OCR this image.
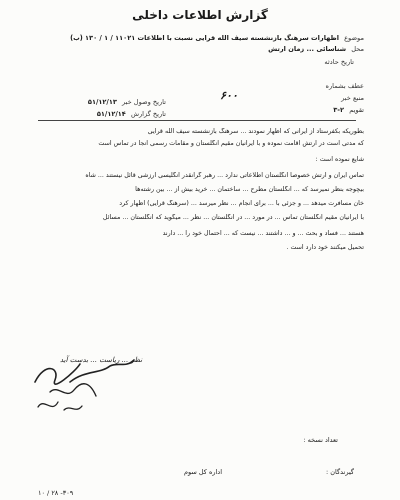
گزارش اطلاعات داخلی
موضوع اظهارات سرهنگ بازنشسته سیف الله قرایی نسبت با اطلاعات ۱۱۰۲۱ / ۱ / ۱۳۰ (ب)
محل شناسائی ... زمان ارتش
تاریخ حادثه
عطف بشماره
منبع خبر
۶۰۰
تاریخ وصول خبر ۵۱/۱۲/۱۳
تقویم ۲-۳
تاریخ گزارش ۵۱/۱۲/۱۴
بطوریکه بکفرستاد از ایرانی که اظهار نمودند ... سرهنگ بازنشسته سیف الله قرایی
که مدتی است در ارتش اقامت نموده و با ایرانیان مقیم انگلستان و مقامات رسمی آنجا در تماس است
شایع نموده است :
تماس ایران و ارتش خصوصاً انگلستان اطلاعاتی ندارد ... رهبر گرانقدر انگلیسی ارزشی قائل نیستند ... شاه
بیچوجه بنظر نمیرسد که ... انگلستان مطرح ... ساختمان ... خرید بیش از ... بین رشته‌ها
خان مسافرت میدهد ... و جزئی با ... برای انجام ... نظر میرسد ... (سرهنگ قرایی) اظهار کرد
با ایرانیان مقیم انگلستان تماس ... در مورد ... در انگلستان ... نظر ... میگوید که انگلستان ... مسائل
هستند ... فساد و بحث ... و ... داشتند ... نیست که ... احتمال خود را ... دارند
تحمیل میکنند خود دارد است .
نظر ... ریاست ... بدست آید
تعداد نسخه :
گیرندگان :
اداره کل سوم
۳۰۹- ۲۸ / ۱۰
